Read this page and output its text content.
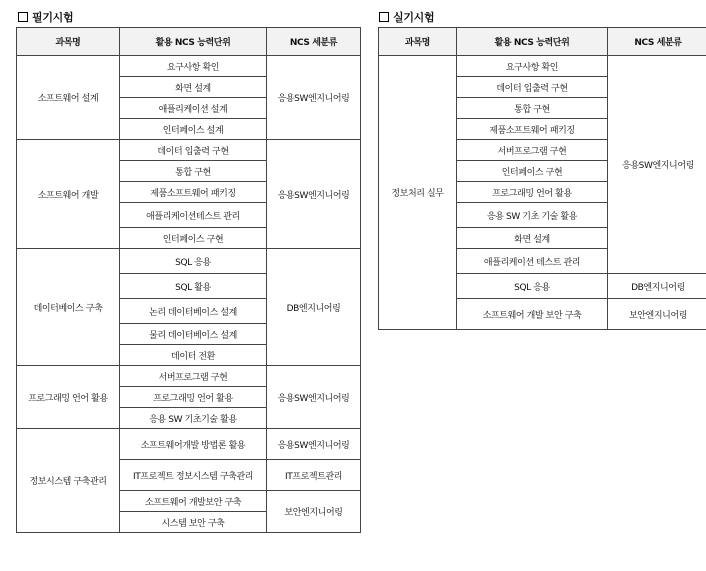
필기시험	실기시험
과목명	활용 NCS 능력단위	NCS 세분류
소프트웨어 설계	요구사항 확인	응용SW엔지니어링
	화면 설계	
	애플리케이션 설계	
	인터페이스 설계	
소프트웨어 개발	데이터 입출력 구현	응용SW엔지니어링
	통합 구현	
	제품소프트웨어 패키징	
	애플리케이션테스트 관리	
	인터페이스 구현	
데이터베이스 구축	SQL 응용	DB엔지니어링
	SQL 활용	
	논리 데이터베이스 설계	
	물리 데이터베이스 설계	
	데이터 전환	
프로그래밍 언어 활용	서버프로그램 구현	응용SW엔지니어링
	프로그래밍 언어 활용	
	응용 SW 기초기술 활용	
정보시스템 구축관리	소프트웨어개발 방법론 활용	응용SW엔지니어링
	IT프로젝트 정보시스템 구축관리	IT프로젝트관리
	소프트웨어 개발보안 구축	보안엔지니어링
	시스템 보안 구축	
과목명	활용 NCS 능력단위	NCS 세분류
정보처리 실무	요구사항 확인	응용SW엔지니어링
	데이터 입출력 구현	
	통합 구현	
	제품소프트웨어 패키징	
	서버프로그램 구현	
	인터페이스 구현	
	프로그래밍 언어 활용	
	응용 SW 기초 기술 활용	
	화면 설계	
	애플리케이션 테스트 관리	
	SQL 응용	DB엔지니어링
	소프트웨어 개발 보안 구축	보안엔지니어링
